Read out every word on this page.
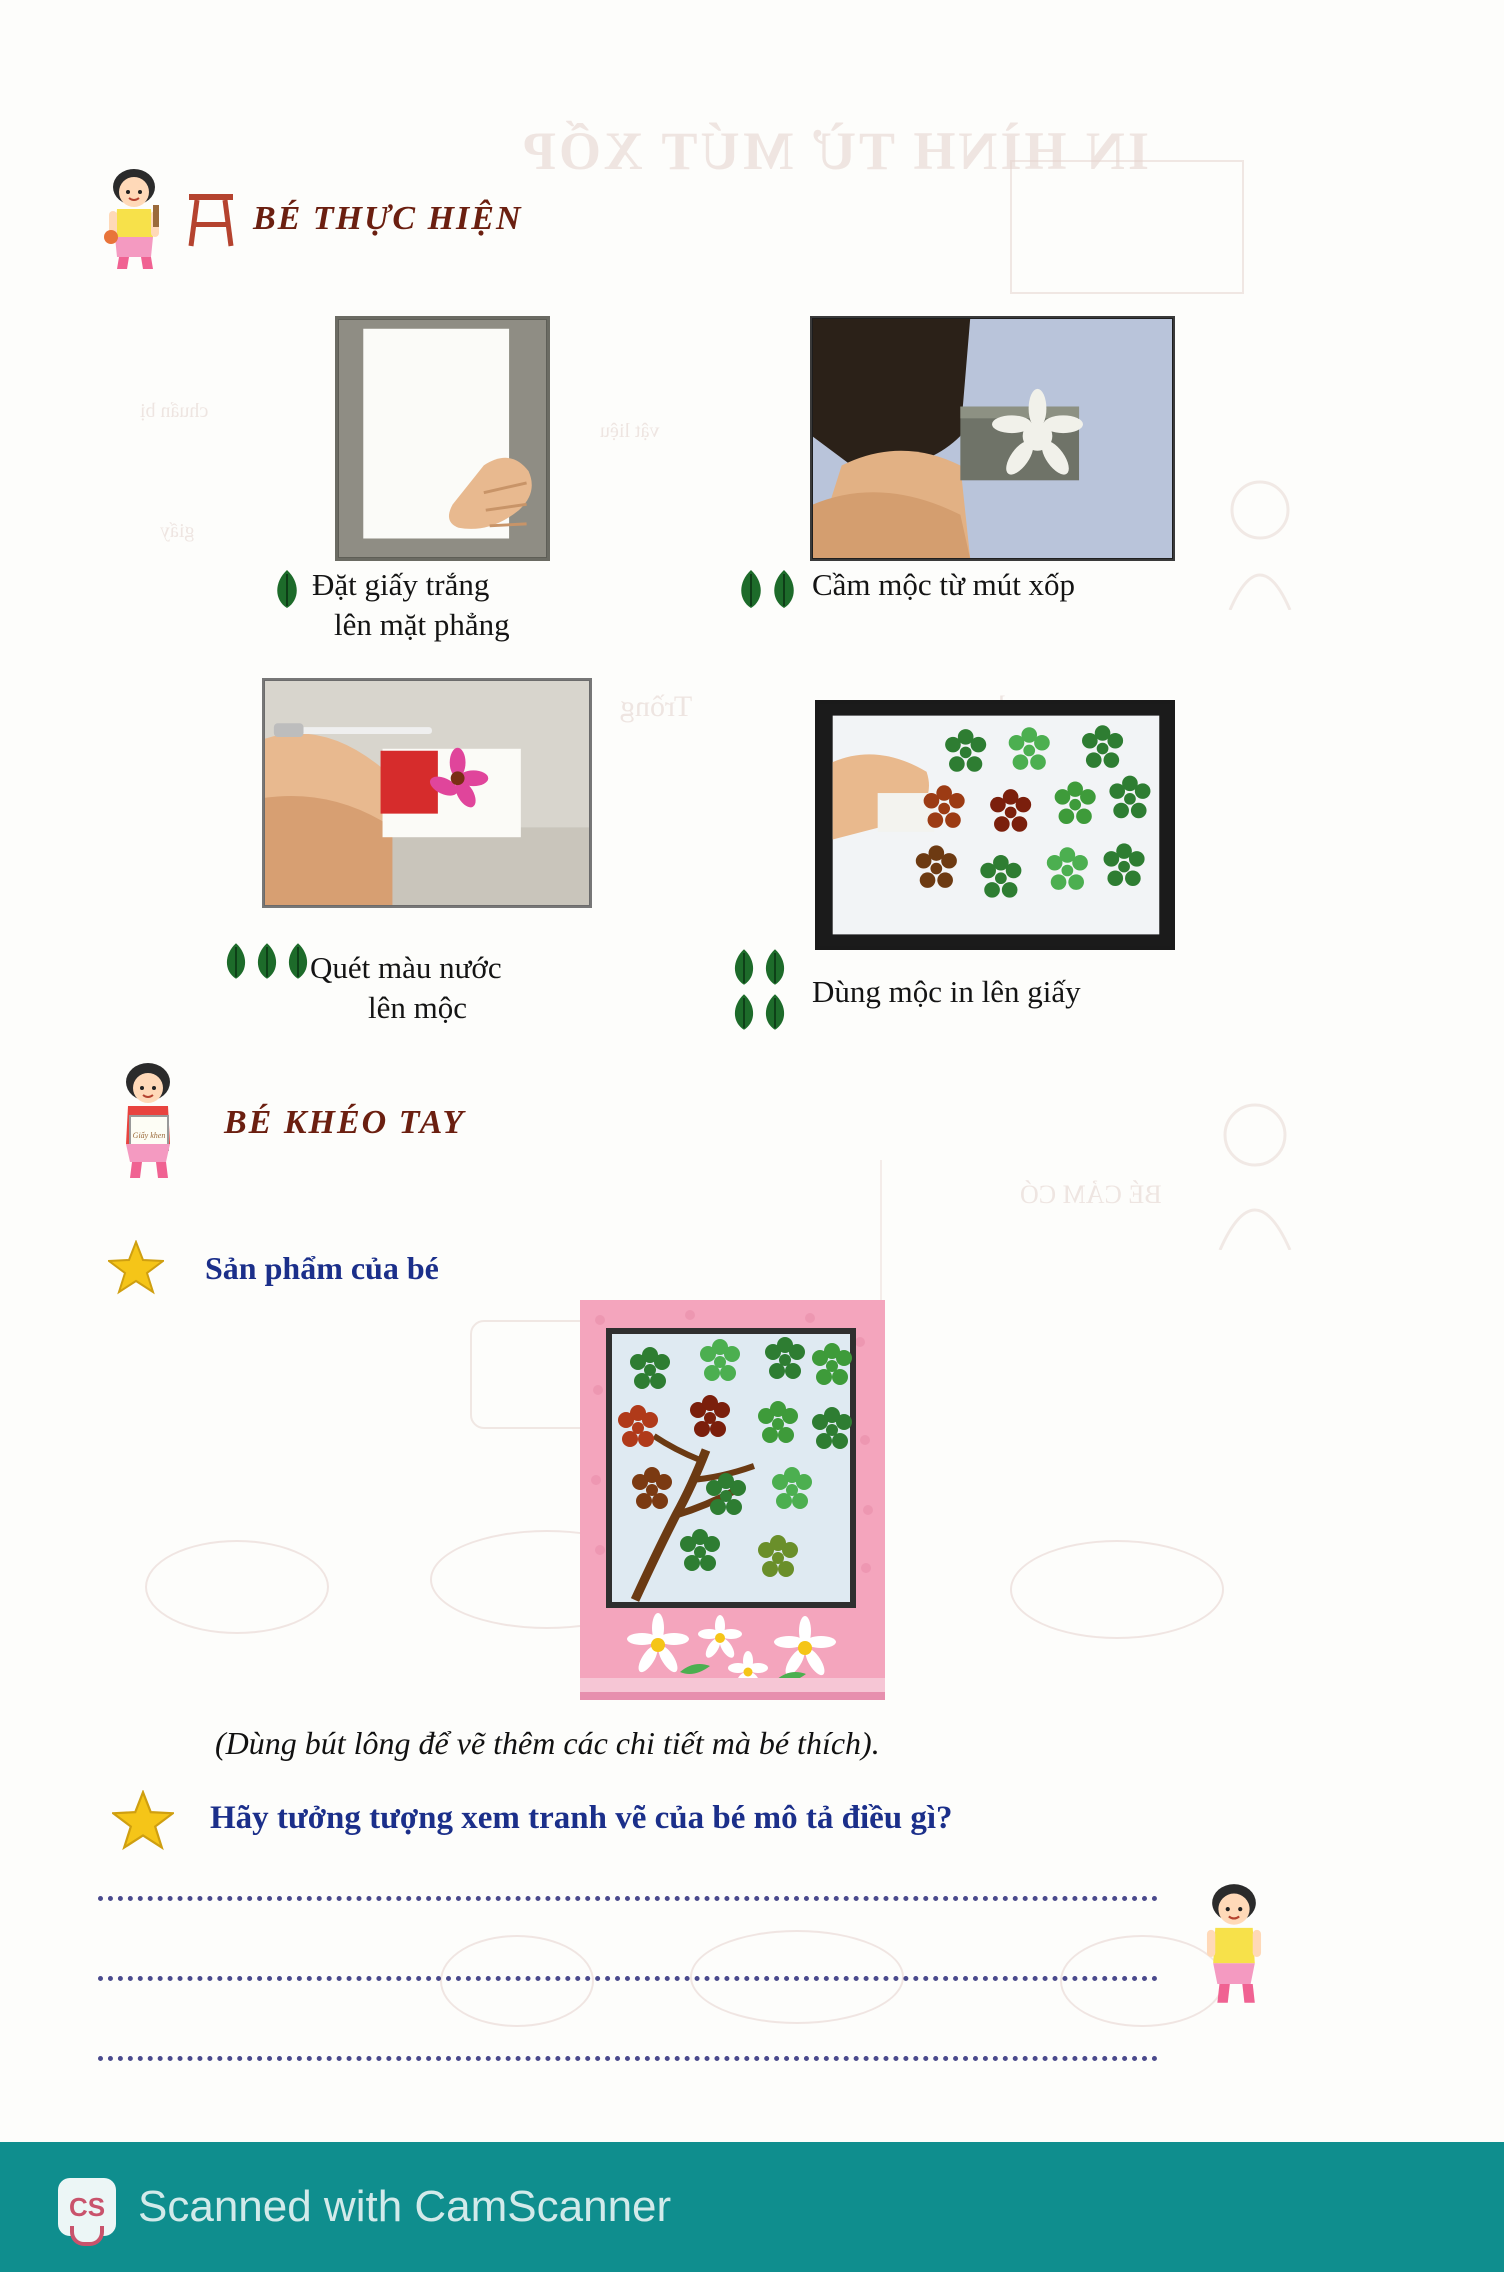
IN HÌNH TỪ MÚT XỐP
chuẩn bị
vật liệu
giấy
Trồng
BÉ CẢM CÓ
BÉ THỰC HIỆN
Đặt giấy trắng
lên mặt phẳng
Cầm mộc từ mút xốp
Quét màu nước
lên mộc	Dùng mộc in lên giấy
Giấy khen BÉ KHÉO TAY
Sản phẩm của bé
(Dùng bút lông để vẽ thêm các chi tiết mà bé thích).
Hãy tưởng tượng xem tranh vẽ của bé mô tả điều gì?
CS Scanned with CamScanner
